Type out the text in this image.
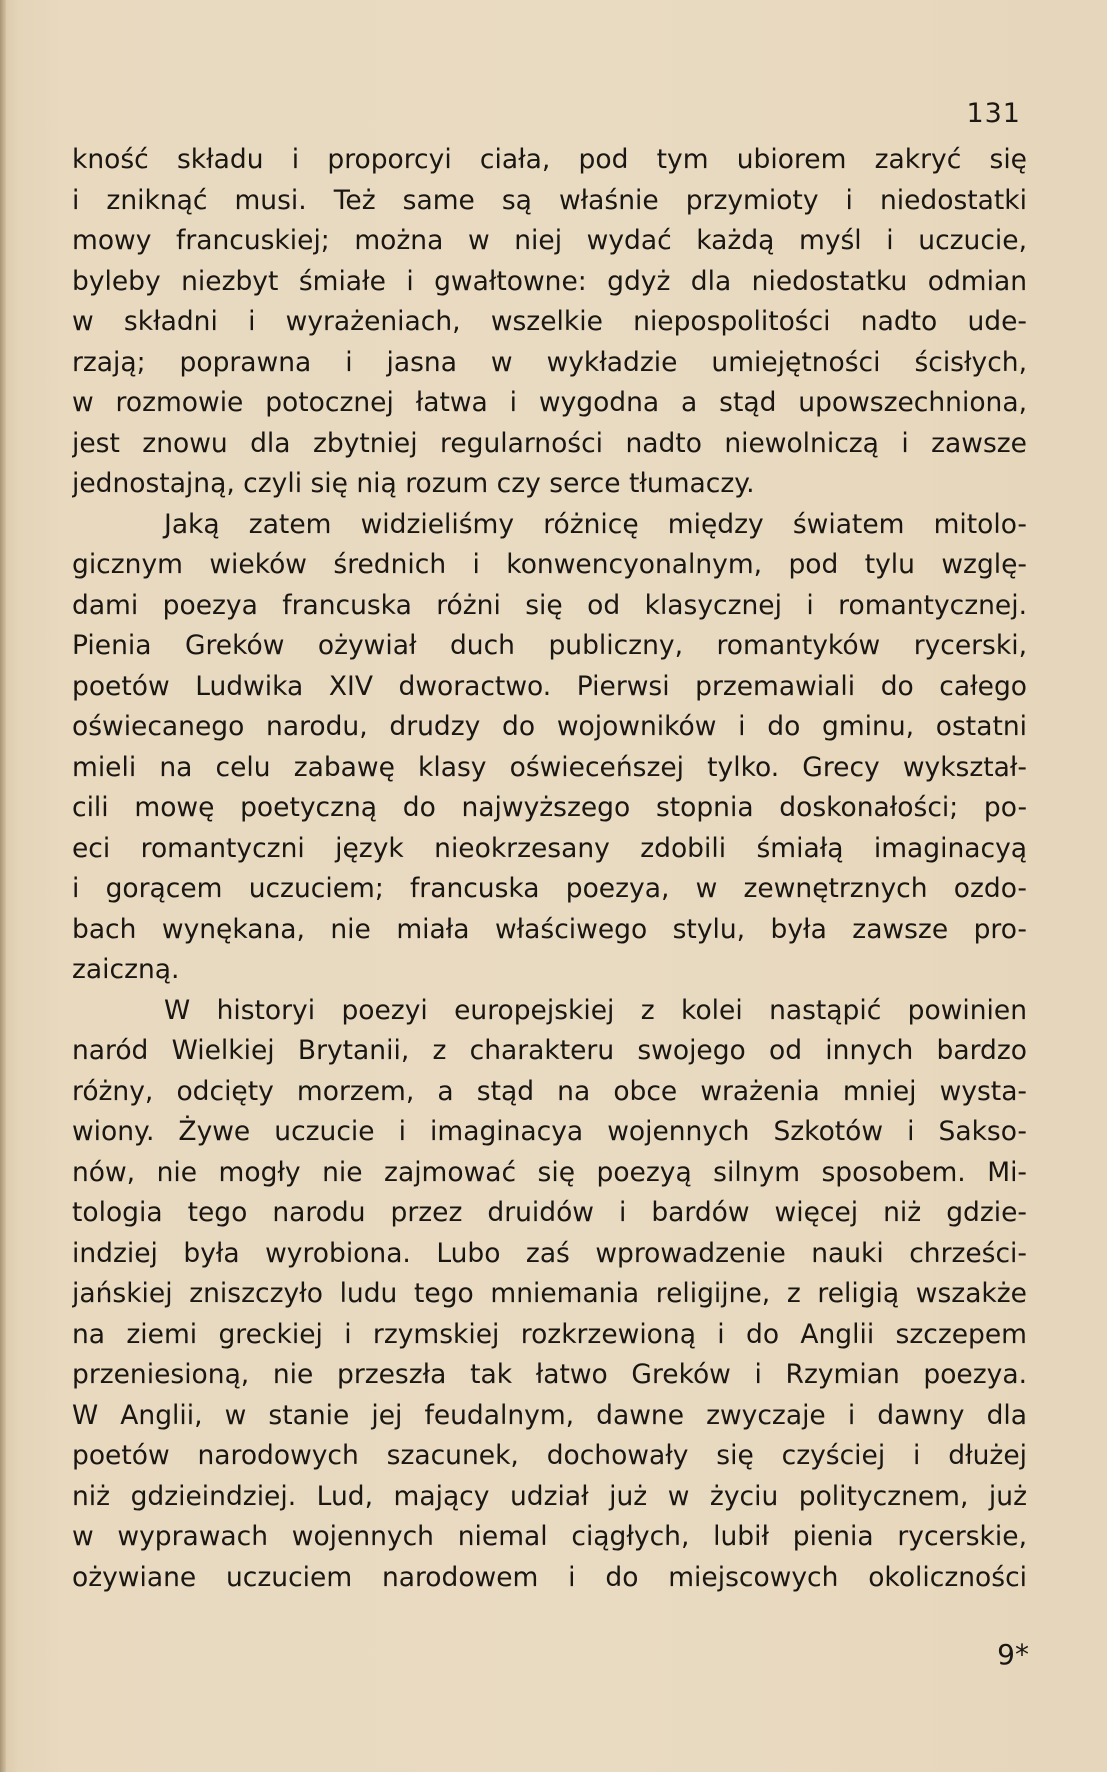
131
kność składu i proporcyi ciała, pod tym ubiorem zakryć się
i zniknąć musi. Też same są właśnie przymioty i niedostatki
mowy francuskiej; można w niej wydać każdą myśl i uczucie,
byleby niezbyt śmiałe i gwałtowne: gdyż dla niedostatku odmian
w składni i wyrażeniach, wszelkie niepospolitości nadto ude-
rzają; poprawna i jasna w wykładzie umiejętności ścisłych,
w rozmowie potocznej łatwa i wygodna a stąd upowszechniona,
jest znowu dla zbytniej regularności nadto niewolniczą i zawsze
jednostajną, czyli się nią rozum czy serce tłumaczy.
Jaką zatem widzieliśmy różnicę między światem mitolo-
gicznym wieków średnich i konwencyonalnym, pod tylu wzglę-
dami poezya francuska różni się od klasycznej i romantycznej.
Pienia Greków ożywiał duch publiczny, romantyków rycerski,
poetów Ludwika XIV dworactwo. Pierwsi przemawiali do całego
oświecanego narodu, drudzy do wojowników i do gminu, ostatni
mieli na celu zabawę klasy oświeceńszej tylko. Grecy wykształ-
cili mowę poetyczną do najwyższego stopnia doskonałości; po-
eci romantyczni język nieokrzesany zdobili śmiałą imaginacyą
i gorącem uczuciem; francuska poezya, w zewnętrznych ozdo-
bach wynękana, nie miała właściwego stylu, była zawsze pro-
zaiczną.
W historyi poezyi europejskiej z kolei nastąpić powinien
naród Wielkiej Brytanii, z charakteru swojego od innych bardzo
różny, odcięty morzem, a stąd na obce wrażenia mniej wysta-
wiony. Żywe uczucie i imaginacya wojennych Szkotów i Sakso-
nów, nie mogły nie zajmować się poezyą silnym sposobem. Mi-
tologia tego narodu przez druidów i bardów więcej niż gdzie-
indziej była wyrobiona. Lubo zaś wprowadzenie nauki chrześci-
jańskiej zniszczyło ludu tego mniemania religijne, z religią wszakże
na ziemi greckiej i rzymskiej rozkrzewioną i do Anglii szczepem
przeniesioną, nie przeszła tak łatwo Greków i Rzymian poezya.
W Anglii, w stanie jej feudalnym, dawne zwyczaje i dawny dla
poetów narodowych szacunek, dochowały się czyściej i dłużej
niż gdzieindziej. Lud, mający udział już w życiu politycznem, już
w wyprawach wojennych niemal ciągłych, lubił pienia rycerskie,
ożywiane uczuciem narodowem i do miejscowych okoliczności
9*
